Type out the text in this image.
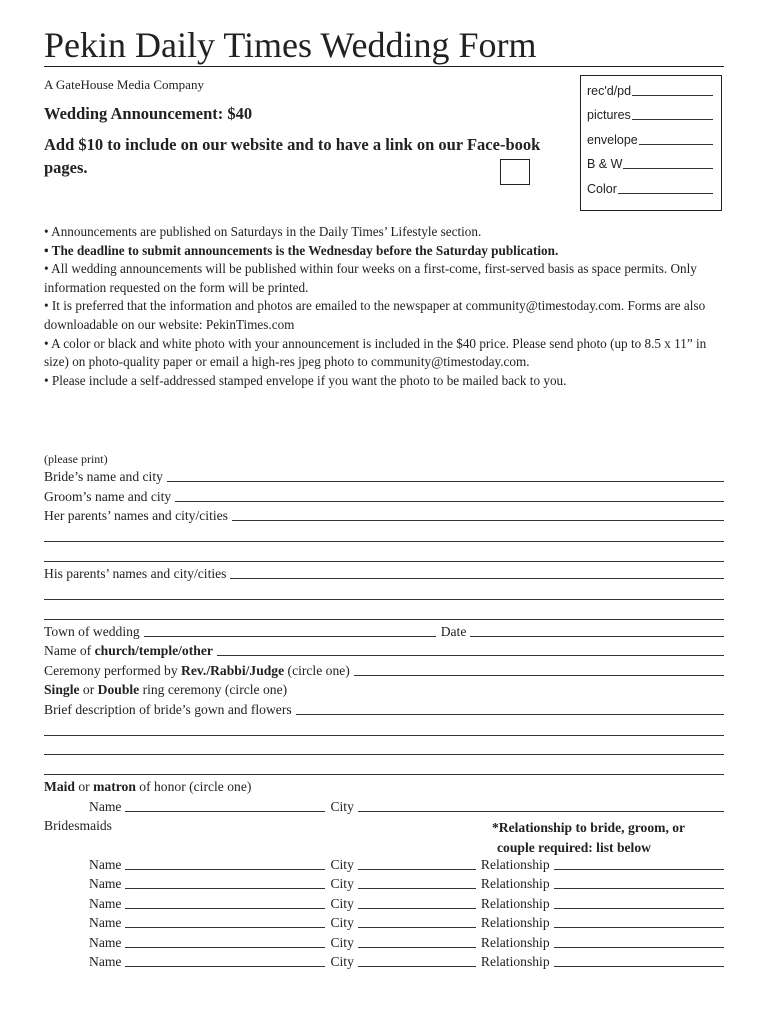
Pekin Daily Times Wedding Form
A GateHouse Media Company
Wedding Announcement: $40
Add $10 to include on our website and to have a link on our Face-book pages.
rec'd/pd
pictures
envelope
B & W
Color

• Announcements are published on Saturdays in the Daily Times’ Lifestyle section.

• The deadline to submit announcements is the Wednesday before the Saturday publication.

• All wedding announcements will be published within four weeks on a first-come, first-served basis as space permits. Only information requested on the form will be printed.

• It is preferred that the information and photos are emailed to the newspaper at community@timestoday.com. Forms are also downloadable on our website: PekinTimes.com

• A color or black and white photo with your announcement is included in the $40 price. Please send photo (up to 8.5 x 11” in size) on photo-quality paper or email a high-res jpeg photo to community@timestoday.com.

• Please include a self-addressed stamped envelope if you want the photo to be mailed back to you.

(please print)
Bride’s name and city
Groom’s name and city
Her parents’ names and city/cities
His parents’ names and city/cities
Town of wedding	Date
Name of church/temple/other
Ceremony performed by Rev./Rabbi/Judge (circle one)
Single or Double ring ceremony (circle one)
Brief description of bride’s gown and flowers
Maid or matron of honor (circle one)
Name	City
Bridesmaids	*Relationship to bride, groom, or
couple required: list below
Name	City	Relationship
Name	City	Relationship
Name	City	Relationship
Name	City	Relationship
Name	City	Relationship
Name	City	Relationship
